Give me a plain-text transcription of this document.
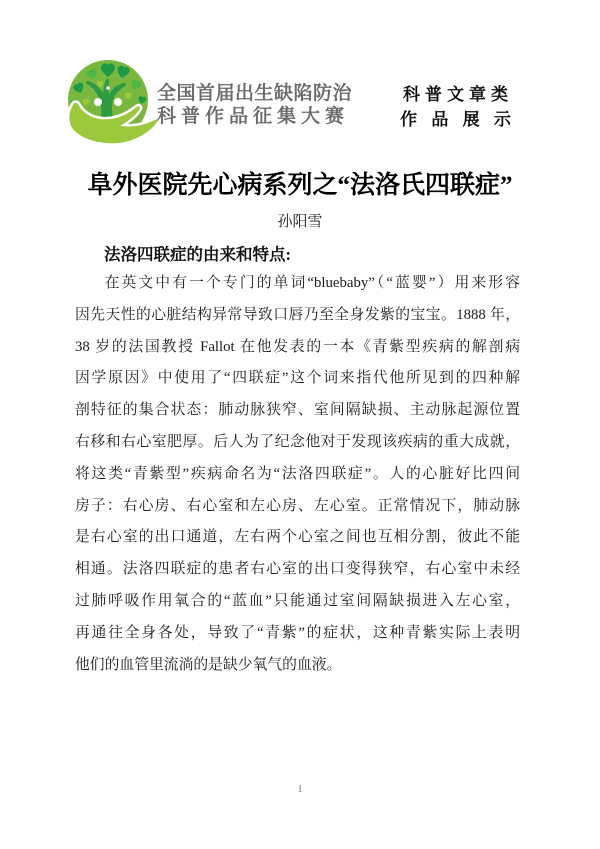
全国首届出生缺陷防治
科普作品征集大赛
科普文章类
作 品 展 示
阜外医院先心病系列之“法洛氏四联症”
孙阳雪
法洛四联症的由来和特点:
在英文中有一个专门的单词“bluebaby”（“蓝婴”）用来形容
因先天性的心脏结构异常导致口唇乃至全身发紫的宝宝。1888 年，
38 岁的法国教授 Fallot 在他发表的一本《青紫型疾病的解剖病
因学原因》中使用了“四联症”这个词来指代他所见到的四种解
剖特征的集合状态：肺动脉狭窄、室间隔缺损、主动脉起源位置
右移和右心室肥厚。后人为了纪念他对于发现该疾病的重大成就，
将这类“青紫型”疾病命名为“法洛四联症”。人的心脏好比四间
房子：右心房、右心室和左心房、左心室。正常情况下，肺动脉
是右心室的出口通道，左右两个心室之间也互相分割，彼此不能
相通。法洛四联症的患者右心室的出口变得狭窄，右心室中未经
过肺呼吸作用氧合的“蓝血”只能通过室间隔缺损进入左心室，
再通往全身各处，导致了“青紫”的症状，这种青紫实际上表明
他们的血管里流淌的是缺少氧气的血液。
1
